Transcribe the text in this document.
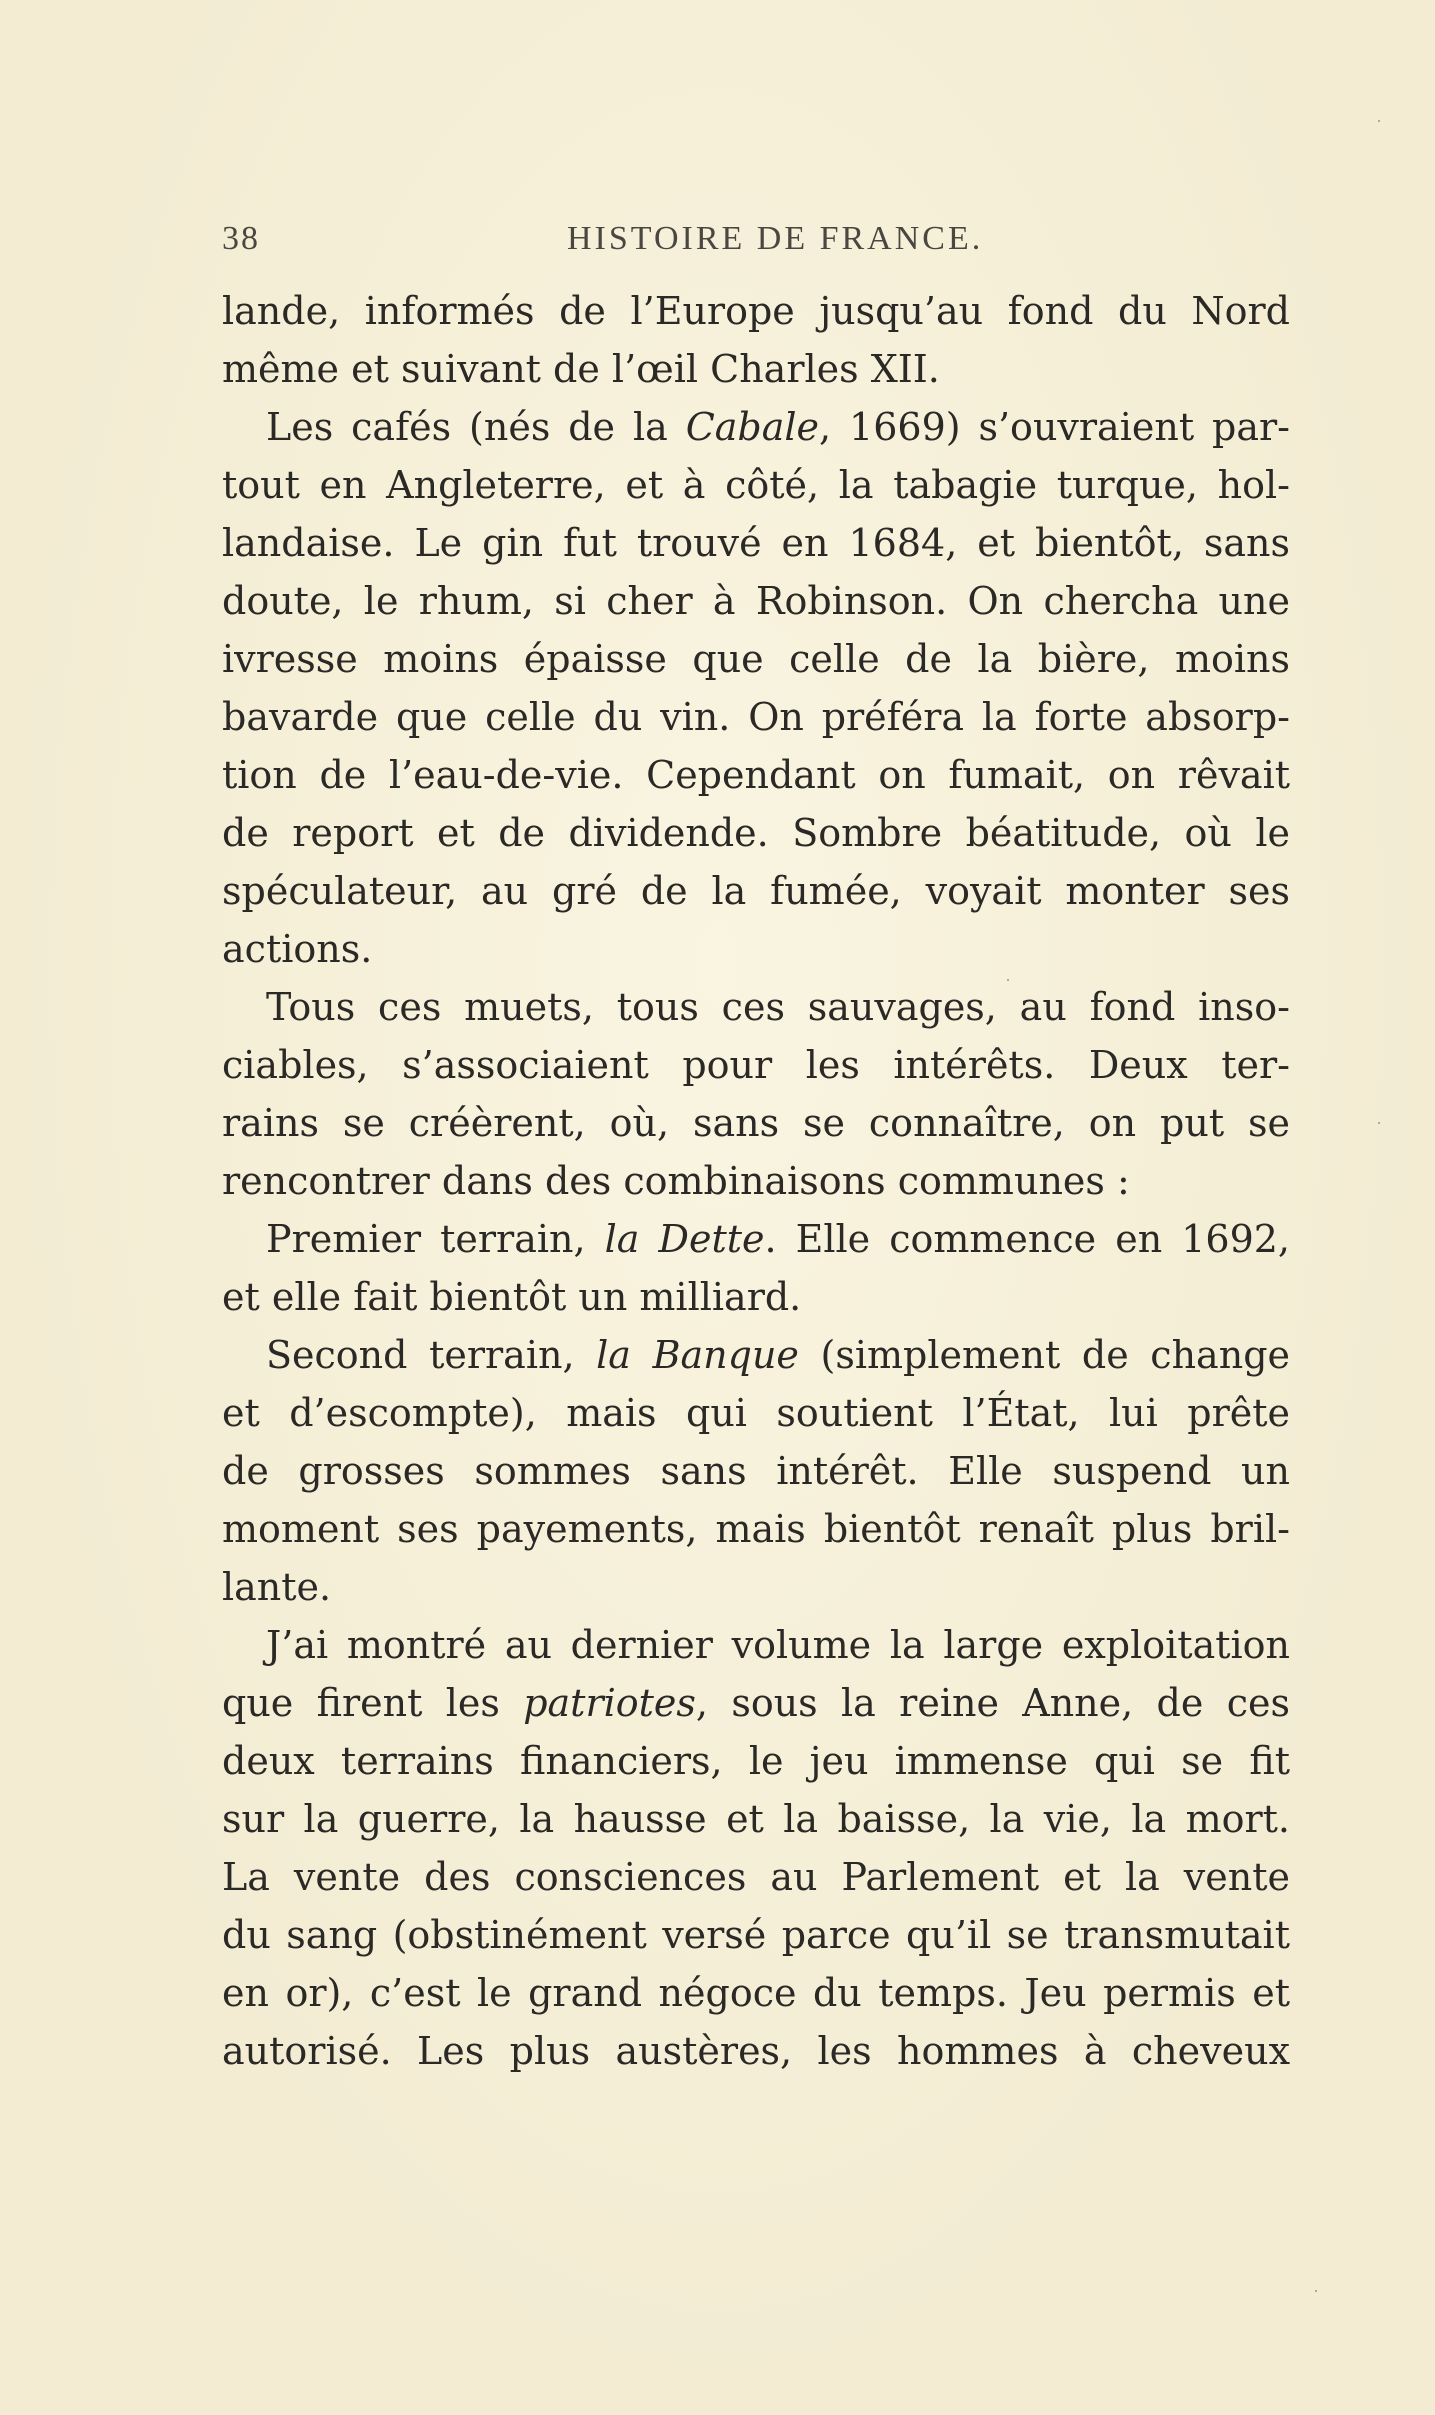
38	HISTOIRE DE FRANCE.
lande, informés de l’Europe jusqu’au fond du Nord
même et suivant de l’œil Charles XII.
Les cafés (nés de la Cabale, 1669) s’ouvraient par-
tout en Angleterre, et à côté, la tabagie turque, hol-
landaise. Le gin fut trouvé en 1684, et bientôt, sans
doute, le rhum, si cher à Robinson. On chercha une
ivresse moins épaisse que celle de la bière, moins
bavarde que celle du vin. On préféra la forte absorp-
tion de l’eau-de-vie. Cependant on fumait, on rêvait
de report et de dividende. Sombre béatitude, où le
spéculateur, au gré de la fumée, voyait monter ses
actions.
Tous ces muets, tous ces sauvages, au fond inso-
ciables, s’associaient pour les intérêts. Deux ter-
rains se créèrent, où, sans se connaître, on put se
rencontrer dans des combinaisons communes :
Premier terrain, la Dette. Elle commence en 1692,
et elle fait bientôt un milliard.
Second terrain, la Banque (simplement de change
et d’escompte), mais qui soutient l’État, lui prête
de grosses sommes sans intérêt. Elle suspend un
moment ses payements, mais bientôt renaît plus bril-
lante.
J’ai montré au dernier volume la large exploitation
que firent les patriotes, sous la reine Anne, de ces
deux terrains financiers, le jeu immense qui se fit
sur la guerre, la hausse et la baisse, la vie, la mort.
La vente des consciences au Parlement et la vente
du sang (obstinément versé parce qu’il se transmutait
en or), c’est le grand négoce du temps. Jeu permis et
autorisé. Les plus austères, les hommes à cheveux
